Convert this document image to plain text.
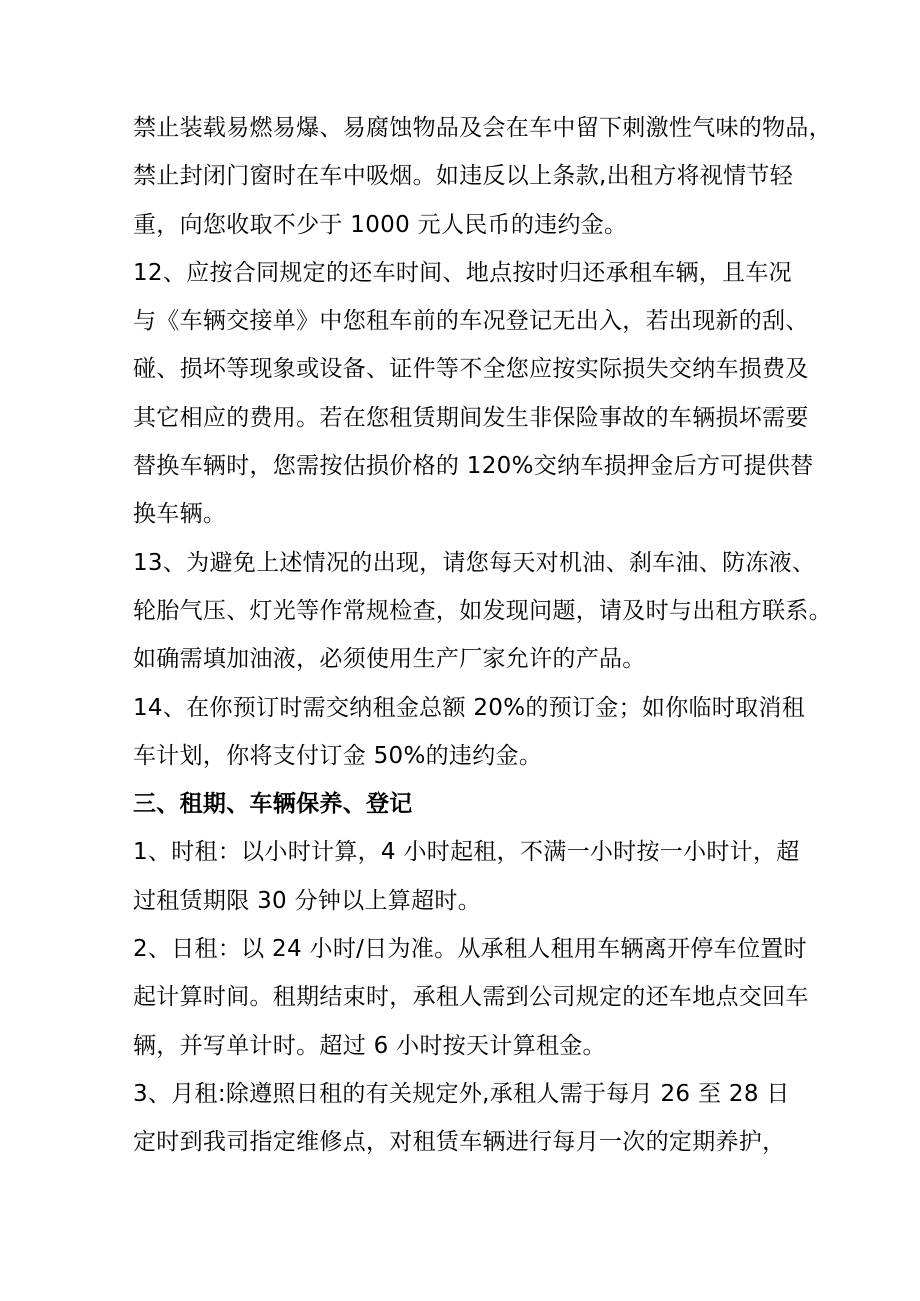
禁止装载易燃易爆、易腐蚀物品及会在车中留下刺激性气味的物品，
禁止封闭门窗时在车中吸烟。如违反以上条款,出租方将视情节轻
重，向您收取不少于 1000 元人民币的违约金。
12、应按合同规定的还车时间、地点按时归还承租车辆，且车况
与《车辆交接单》中您租车前的车况登记无出入，若出现新的刮、
碰、损坏等现象或设备、证件等不全您应按实际损失交纳车损费及
其它相应的费用。若在您租赁期间发生非保险事故的车辆损坏需要
替换车辆时，您需按估损价格的 120%交纳车损押金后方可提供替
换车辆。
13、为避免上述情况的出现，请您每天对机油、刹车油、防冻液、
轮胎气压、灯光等作常规检查，如发现问题，请及时与出租方联系。
如确需填加油液，必须使用生产厂家允许的产品。
14、在你预订时需交纳租金总额 20%的预订金；如你临时取消租
车计划，你将支付订金 50%的违约金。
三、租期、车辆保养、登记
1、时租：以小时计算，4 小时起租，不满一小时按一小时计，超
过租赁期限 30 分钟以上算超时。
2、日租：以 24 小时/日为准。从承租人租用车辆离开停车位置时
起计算时间。租期结束时，承租人需到公司规定的还车地点交回车
辆，并写单计时。超过 6 小时按天计算租金。
3、月租:除遵照日租的有关规定外,承租人需于每月 26 至 28 日
定时到我司指定维修点，对租赁车辆进行每月一次的定期养护，
